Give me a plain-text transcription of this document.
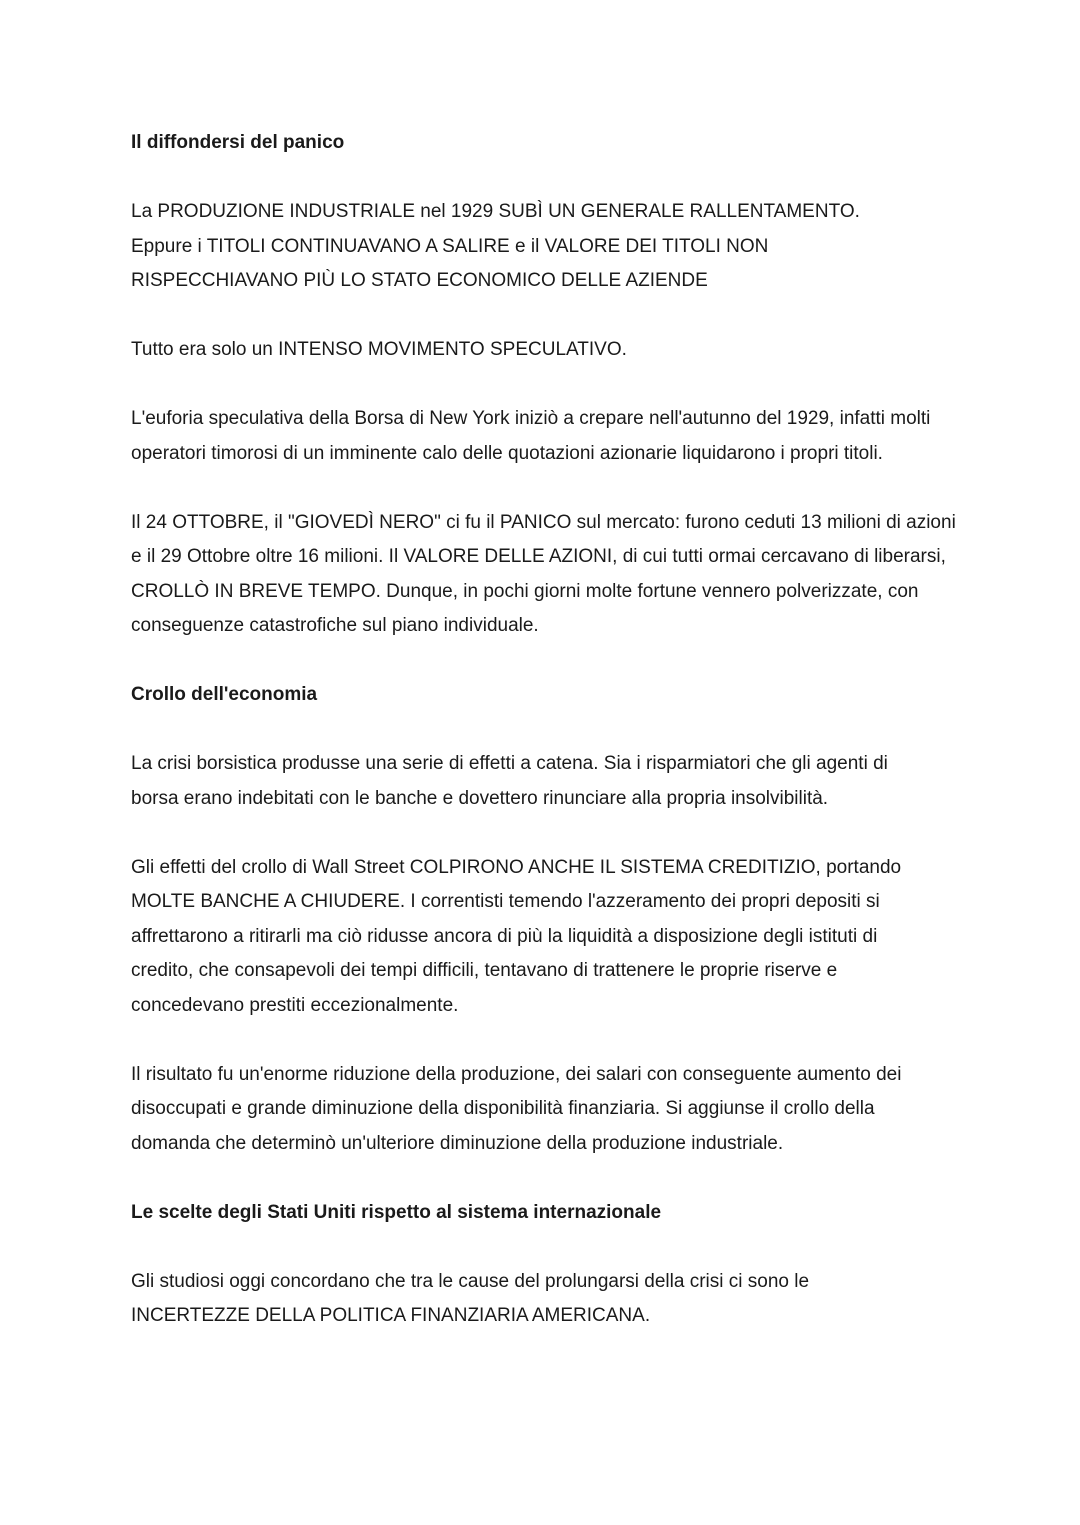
Il diffondersi del panico

La PRODUZIONE INDUSTRIALE nel 1929 SUBÌ UN GENERALE RALLENTAMENTO. Eppure i TITOLI CONTINUAVANO A SALIRE e il VALORE DEI TITOLI NON RISPECCHIAVANO PIÙ LO STATO ECONOMICO DELLE AZIENDE

Tutto era solo un INTENSO MOVIMENTO SPECULATIVO.

L'euforia speculativa della Borsa di New York iniziò a crepare nell'autunno del 1929, infatti molti operatori timorosi di un imminente calo delle quotazioni azionarie liquidarono i propri titoli.

Il 24 OTTOBRE, il "GIOVEDÌ NERO" ci fu il PANICO sul mercato: furono ceduti 13 milioni di azioni e il 29 Ottobre oltre 16 milioni. Il VALORE DELLE AZIONI, di cui tutti ormai cercavano di liberarsi, CROLLÒ IN BREVE TEMPO. Dunque, in pochi giorni molte fortune vennero polverizzate, con conseguenze catastrofiche sul piano individuale.

Crollo dell'economia

La crisi borsistica produsse una serie di effetti a catena. Sia i risparmiatori che gli agenti di borsa erano indebitati con le banche e dovettero rinunciare alla propria insolvibilità.

Gli effetti del crollo di Wall Street COLPIRONO ANCHE IL SISTEMA CREDITIZIO, portando MOLTE BANCHE A CHIUDERE. I correntisti temendo l'azzeramento dei propri depositi si affrettarono a ritirarli ma ciò ridusse ancora di più la liquidità a disposizione degli istituti di credito, che consapevoli dei tempi difficili, tentavano di trattenere le proprie riserve e concedevano prestiti eccezionalmente.

Il risultato fu un'enorme riduzione della produzione, dei salari con conseguente aumento dei disoccupati e grande diminuzione della disponibilità finanziaria. Si aggiunse il crollo della domanda che determinò un'ulteriore diminuzione della produzione industriale.

Le scelte degli Stati Uniti rispetto al sistema internazionale

Gli studiosi oggi concordano che tra le cause del prolungarsi della crisi ci sono le INCERTEZZE DELLA POLITICA FINANZIARIA AMERICANA.
